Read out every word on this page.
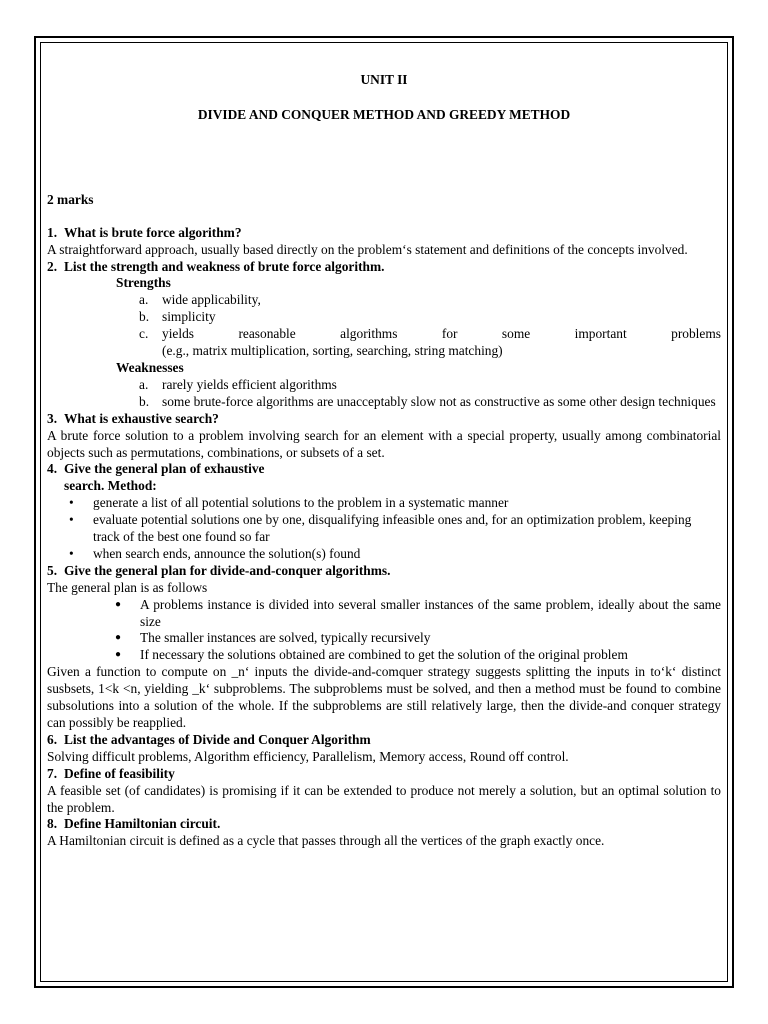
UNIT II

DIVIDE AND CONQUER METHOD AND GREEDY METHOD

2 marks

1. What is brute force algorithm?

A straightforward approach, usually based directly on the problem‘s statement and definitions of the concepts involved.

2. List the strength and weakness of brute force algorithm.

Strengths

a.	wide applicability,
b. simplicity
c.	yields	reasonable	algorithms	for	some	important	problems
(e.g., matrix multiplication, sorting, searching, string matching)

Weaknesses

a.	rarely yields efficient algorithms
b. some brute-force algorithms are unacceptably slow not as constructive as some other design techniques
3. What is exhaustive search?

A brute force solution to a problem involving search for an element with a special property, usually among combinatorial objects such as permutations, combinations, or subsets of a set.

4. Give the general plan of exhaustive

search. Method:

•	generate a list of all potential solutions to the problem in a systematic manner
•	evaluate potential solutions one by one, disqualifying infeasible ones and, for an optimization problem, keeping track of the best one found so far
•	when search ends, announce the solution(s) found
5. Give the general plan for divide-and-conquer algorithms.

The general plan is as follows

●	A problems instance is divided into several smaller instances of the same problem, ideally about the same size
●	The smaller instances are solved, typically recursively
●	If necessary the solutions obtained are combined to get the solution of the original problem

Given a function to compute on _n‘ inputs the divide-and-comquer strategy suggests splitting the inputs in to‘k‘ distinct susbsets, 1<k <n, yielding _k‘ subproblems. The subproblems must be solved, and then a method must be found to combine subsolutions into a solution of the whole. If the subproblems are still relatively large, then the divide-and conquer strategy can possibly be reapplied.

6. List the advantages of Divide and Conquer Algorithm

Solving difficult problems, Algorithm efficiency, Parallelism, Memory access, Round off control.

7. Define of feasibility

A feasible set (of candidates) is promising if it can be extended to produce not merely a solution, but an optimal solution to the problem.

8. Define Hamiltonian circuit.

A Hamiltonian circuit is defined as a cycle that passes through all the vertices of the graph exactly once.
